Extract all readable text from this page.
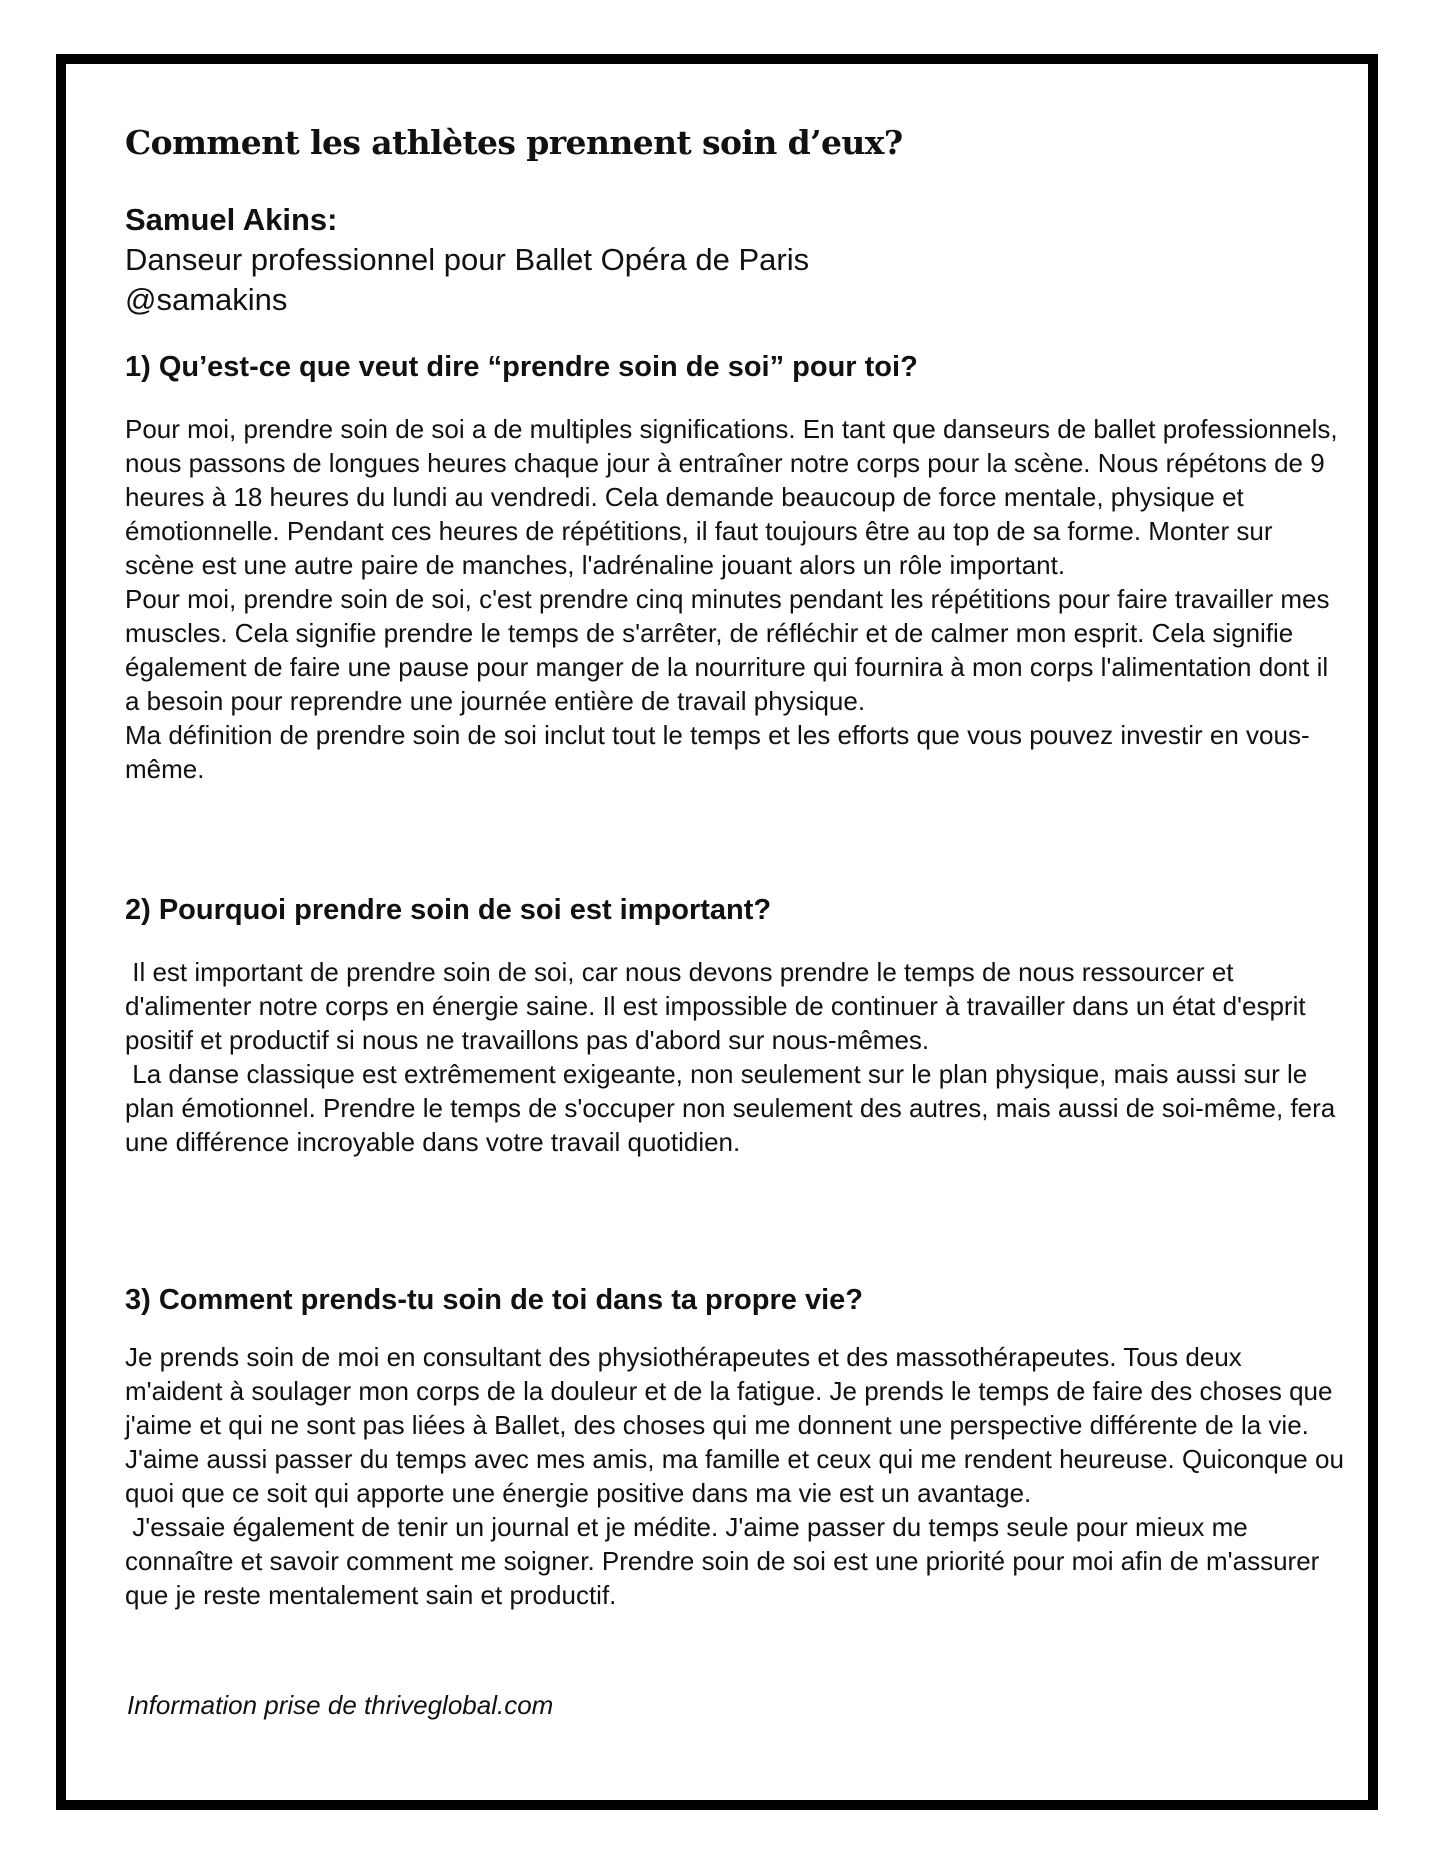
Comment les athlètes prennent soin d’eux?
Samuel Akins:
Danseur professionnel pour Ballet Opéra de Paris
@samakins
1) Qu’est-ce que veut dire “prendre soin de soi” pour toi?

Pour moi, prendre soin de soi a de multiples significations. En tant que danseurs de ballet professionnels, nous passons de longues heures chaque jour à entraîner notre corps pour la scène. Nous répétons de 9 heures à 18 heures du lundi au vendredi. Cela demande beaucoup de force mentale, physique et émotionnelle. Pendant ces heures de répétitions, il faut toujours être au top de sa forme. Monter sur scène est une autre paire de manches, l'adrénaline jouant alors un rôle important.

Pour moi, prendre soin de soi, c'est prendre cinq minutes pendant les répétitions pour faire travailler mes muscles. Cela signifie prendre le temps de s'arrêter, de réfléchir et de calmer mon esprit. Cela signifie également de faire une pause pour manger de la nourriture qui fournira à mon corps l'alimentation dont il a besoin pour reprendre une journée entière de travail physique.

Ma définition de prendre soin de soi inclut tout le temps et les efforts que vous pouvez investir en vous-même.

2) Pourquoi prendre soin de soi est important?

Il est important de prendre soin de soi, car nous devons prendre le temps de nous ressourcer et d'alimenter notre corps en énergie saine. Il est impossible de continuer à travailler dans un état d'esprit positif et productif si nous ne travaillons pas d'abord sur nous-mêmes.

La danse classique est extrêmement exigeante, non seulement sur le plan physique, mais aussi sur le plan émotionnel. Prendre le temps de s'occuper non seulement des autres, mais aussi de soi-même, fera une différence incroyable dans votre travail quotidien.

3) Comment prends-tu soin de toi dans ta propre vie?

Je prends soin de moi en consultant des physiothérapeutes et des massothérapeutes. Tous deux m'aident à soulager mon corps de la douleur et de la fatigue. Je prends le temps de faire des choses que j'aime et qui ne sont pas liées à Ballet, des choses qui me donnent une perspective différente de la vie. J'aime aussi passer du temps avec mes amis, ma famille et ceux qui me rendent heureuse. Quiconque ou quoi que ce soit qui apporte une énergie positive dans ma vie est un avantage.

J'essaie également de tenir un journal et je médite. J'aime passer du temps seule pour mieux me connaître et savoir comment me soigner. Prendre soin de soi est une priorité pour moi afin de m'assurer que je reste mentalement sain et productif.

Information prise de thriveglobal.com
